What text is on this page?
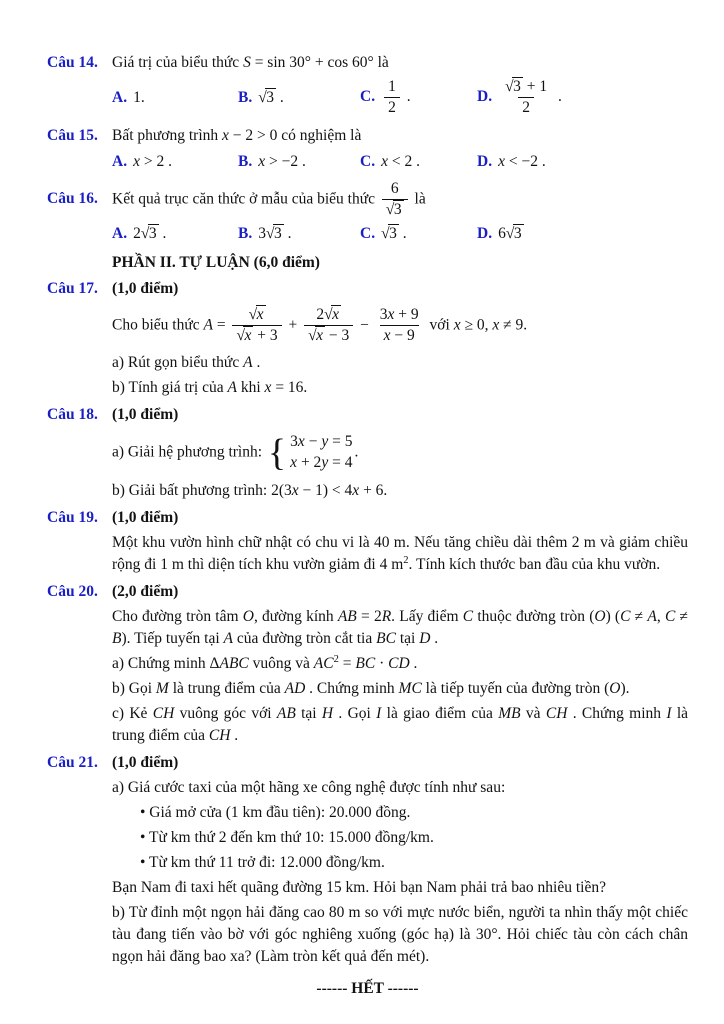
Câu 14. Giá trị của biểu thức S = sin 30° + cos 60° là
A. 1.	B. √3 .	C. $\frac{1}{2}$ .	D. $\frac{√3 + 1}{2}$ .
Câu 15. Bất phương trình x − 2 > 0 có nghiệm là
A. x > 2 .	B. x > −2 .	C. x < 2 .	D. x < −2 .
Câu 16. Kết quả trục căn thức ở mẫu của biểu thức $\frac{6}{√3}$ là
A. 2√3 .	B. 3√3 .	C. √3 .	D. 6√3
PHẦN II. TỰ LUẬN (6,0 điểm)
Câu 17. (1,0 điểm)
Cho biểu thức $A = \frac{√x}{√x + 3} + \frac{2√x}{√x - 3} - \frac{3x + 9}{x - 9}$ với x ≥ 0, x ≠ 9.
a) Rút gọn biểu thức A .
b) Tính giá trị của A khi x = 16.
Câu 18. (1,0 điểm)
a) Giải hệ phương trình: { 3x − y = 5
x + 2y = 4
.
b) Giải bất phương trình: 2(3x − 1) < 4x + 6.
Câu 19. (1,0 điểm)
Một khu vườn hình chữ nhật có chu vi là 40 m. Nếu tăng chiều dài thêm 2 m và giảm chiều rộng đi 1 m thì diện tích khu vườn giảm đi 4 $m^2$. Tính kích thước ban đầu của khu vườn.
Câu 20. (2,0 điểm)
Cho đường tròn tâm O, đường kính AB = 2R. Lấy điểm C thuộc đường tròn (O) (C ≠ A, C ≠ B). Tiếp tuyến tại A của đường tròn cắt tia BC tại D .
a) Chứng minh ΔABC vuông và $AC^2$ = BC · CD .
b) Gọi M là trung điểm của AD . Chứng minh MC là tiếp tuyến của đường tròn (O).
c) Kẻ CH vuông góc với AB tại H . Gọi I là giao điểm của MB và CH . Chứng minh I là trung điểm của CH .
Câu 21. (1,0 điểm)
a) Giá cước taxi của một hãng xe công nghệ được tính như sau:
• Giá mở cửa (1 km đầu tiên): 20.000 đồng.
• Từ km thứ 2 đến km thứ 10: 15.000 đồng/km.
• Từ km thứ 11 trở đi: 12.000 đồng/km.
Bạn Nam đi taxi hết quãng đường 15 km. Hỏi bạn Nam phải trả bao nhiêu tiền?
b) Từ đỉnh một ngọn hải đăng cao 80 m so với mực nước biển, người ta nhìn thấy một chiếc tàu đang tiến vào bờ với góc nghiêng xuống (góc hạ) là 30°. Hỏi chiếc tàu còn cách chân ngọn hải đăng bao xa? (Làm tròn kết quả đến mét).
------ HẾT ------
